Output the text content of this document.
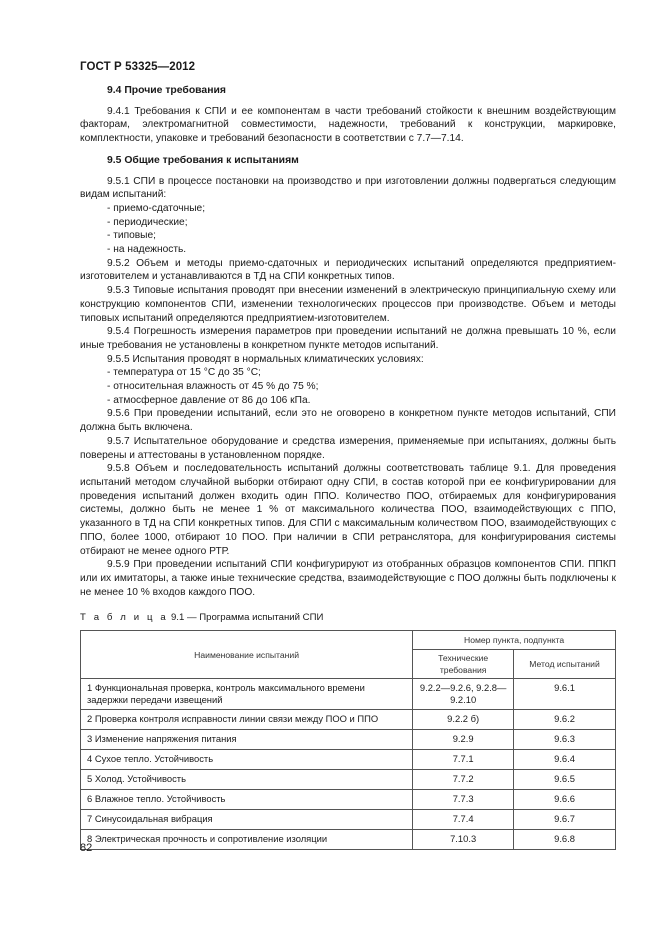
ГОСТ Р 53325—2012

9.4 Прочие требования

9.4.1 Требования к СПИ и ее компонентам в части требований стойкости к внешним воздействующим факторам, электромагнитной совместимости, надежности, требований к конструкции, маркировке, комплектности, упаковке и требований безопасности в соответствии с 7.7—7.14.

9.5 Общие требования к испытаниям

9.5.1 СПИ в процессе постановки на производство и при изготовлении должны подвергаться следующим видам испытаний:

- приемо-сдаточные;

- периодические;

- типовые;

- на надежность.

9.5.2 Объем и методы приемо-сдаточных и периодических испытаний определяются предприятием-изготовителем и устанавливаются в ТД на СПИ конкретных типов.

9.5.3 Типовые испытания проводят при внесении изменений в электрическую принципиальную схему или конструкцию компонентов СПИ, изменении технологических процессов при производстве. Объем и методы типовых испытаний определяются предприятием-изготовителем.

9.5.4 Погрешность измерения параметров при проведении испытаний не должна превышать 10 %, если иные требования не установлены в конкретном пункте методов испытаний.

9.5.5 Испытания проводят в нормальных климатических условиях:

- температура от 15 °С до 35 °С;

- относительная влажность от 45 % до 75 %;

- атмосферное давление от 86 до 106 кПа.

9.5.6 При проведении испытаний, если это не оговорено в конкретном пункте методов испытаний, СПИ должна быть включена.

9.5.7 Испытательное оборудование и средства измерения, применяемые при испытаниях, должны быть поверены и аттестованы в установленном порядке.

9.5.8 Объем и последовательность испытаний должны соответствовать таблице 9.1. Для проведения испытаний методом случайной выборки отбирают одну СПИ, в состав которой при ее конфигурировании для проведения испытаний должен входить один ППО. Количество ПОО, отбираемых для конфигурирования системы, должно быть не менее 1 % от максимального количества ПОО, взаимодействующих с ППО, указанного в ТД на СПИ конкретных типов. Для СПИ с максимальным количеством ПОО, взаимодействующих с ППО, более 1000, отбирают 10 ПОО. При наличии в СПИ ретранслятора, для конфигурирования системы отбирают не менее одного РТР.

9.5.9 При проведении испытаний СПИ конфигурируют из отобранных образцов компонентов СПИ. ППКП или их имитаторы, а также иные технические средства, взаимодействующие с ПОО должны быть подключены к не менее 10 % входов каждого ПОО.

Т а б л и ц а 9.1 — Программа испытаний СПИ
Наименование испытаний	Номер пункта, подпункта	
	Технические требования	Метод испытаний
1 Функциональная проверка, контроль максимального времени задержки передачи извещений	9.2.2—9.2.6, 9.2.8—9.2.10	9.6.1
2 Проверка контроля исправности линии связи между ПОО и ППО	9.2.2 б)	9.6.2
3 Изменение напряжения питания	9.2.9	9.6.3
4 Сухое тепло. Устойчивость	7.7.1	9.6.4
5 Холод. Устойчивость	7.7.2	9.6.5
6 Влажное тепло. Устойчивость	7.7.3	9.6.6
7 Синусоидальная вибрация	7.7.4	9.6.7
8 Электрическая прочность и сопротивление изоляции	7.10.3	9.6.8
82
